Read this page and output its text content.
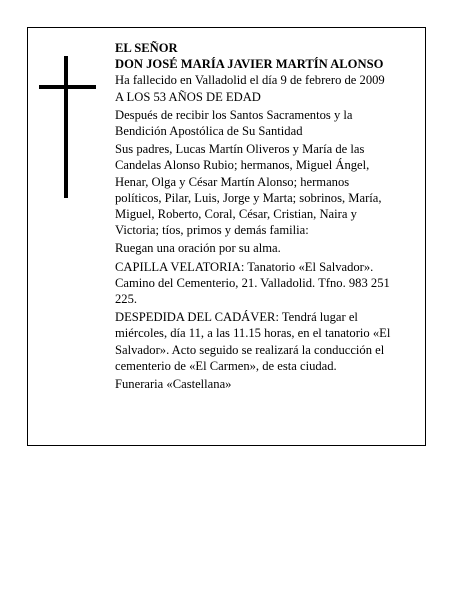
EL SEÑOR
DON JOSÉ MARÍA JAVIER MARTÍN ALONSO
Ha fallecido en Valladolid el día 9 de febrero de 2009
A LOS 53 AÑOS DE EDAD
Después de recibir los Santos Sacramentos y la
Bendición Apostólica de Su Santidad
Sus padres, Lucas Martín Oliveros y María de las
Candelas Alonso Rubio; hermanos, Miguel Ángel,
Henar, Olga y César Martín Alonso; hermanos
políticos, Pilar, Luis, Jorge y Marta; sobrinos, María,
Miguel, Roberto, Coral, César, Cristian, Naira y
Victoria; tíos, primos y demás familia:
Ruegan una oración por su alma.
CAPILLA VELATORIA: Tanatorio «El Salvador».
Camino del Cementerio, 21. Valladolid. Tfno. 983 251
225.
DESPEDIDA DEL CADÁVER: Tendrá lugar el
miércoles, día 11, a las 11.15 horas, en el tanatorio «El
Salvador». Acto seguido se realizará la conducción el
cementerio de «El Carmen», de esta ciudad.
Funeraria «Castellana»
